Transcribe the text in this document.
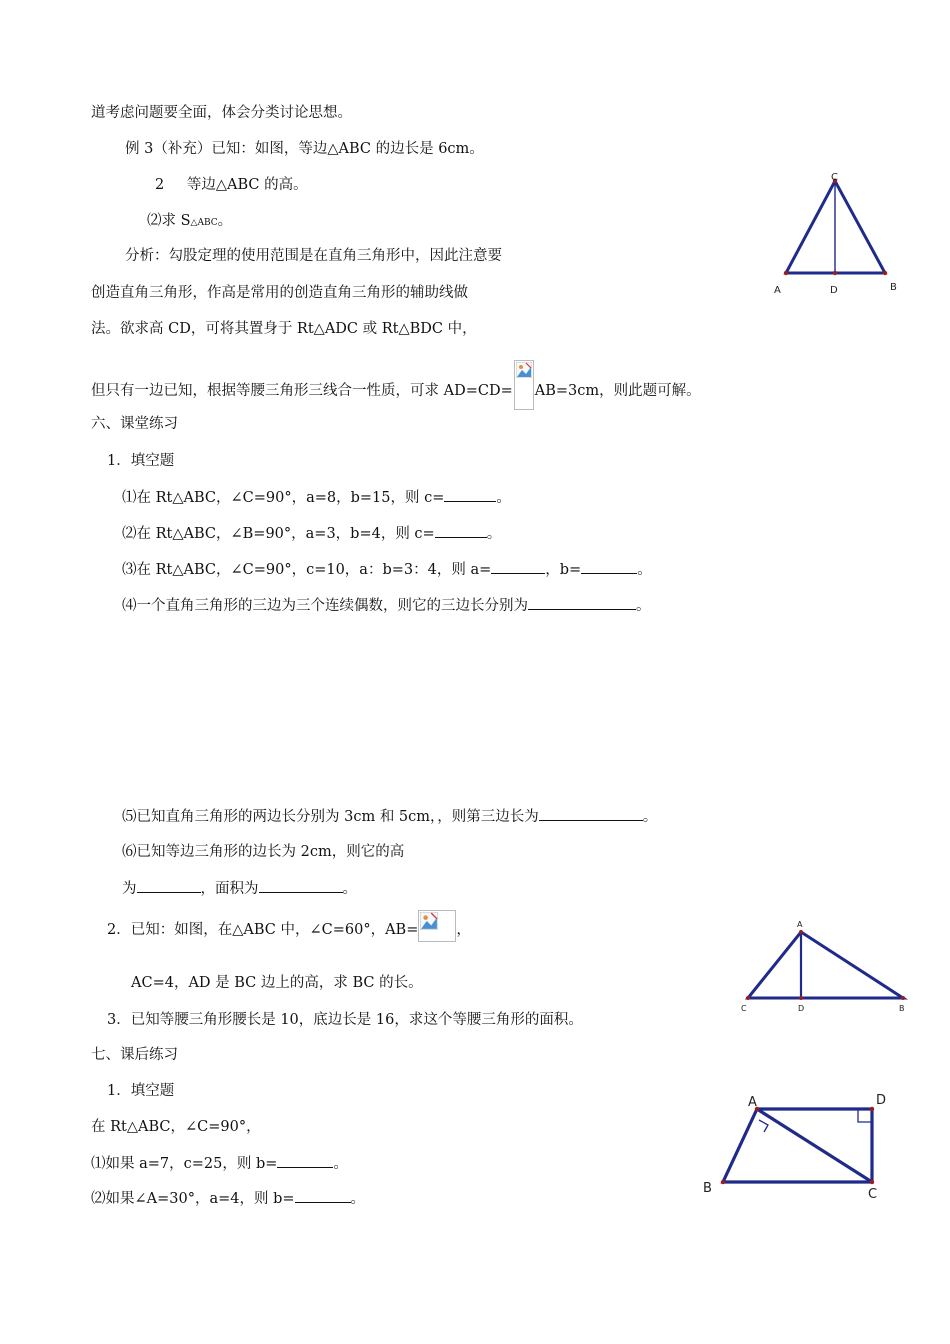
道考虑问题要全面，体会分类讨论思想。
例 3（补充）已知：如图，等边△ABC 的边长是 6cm。
2 等边△ABC 的高。
⑵求 S△ABC。
分析：勾股定理的使用范围是在直角三角形中，因此注意要
创造直角三角形，作高是常用的创造直角三角形的辅助线做
法。欲求高 CD，可将其置身于 Rt△ADC 或 Rt△BDC 中，
但只有一边已知，根据等腰三角形三线合一性质，可求 AD=CD= AB=3cm，则此题可解。
六、课堂练习
1．填空题
⑴在 Rt△ABC，∠C=90°，a=8，b=15，则 c=	。
⑵在 Rt△ABC，∠B=90°，a=3，b=4，则 c=	。
⑶在 Rt△ABC，∠C=90°，c=10，a：b=3：4，则 a=	，b=	。
⑷一个直角三角形的三边为三个连续偶数，则它的三边长分别为	。
⑸已知直角三角形的两边长分别为 3cm 和 5cm，，则第三边长为	。
⑹已知等边三角形的边长为 2cm，则它的高
为	，面积为	。
2．已知：如图，在△ABC 中，∠C=60°，AB=	，
AC=4，AD 是 BC 边上的高，求 BC 的长。
3．已知等腰三角形腰长是 10，底边长是 16，求这个等腰三角形的面积。
七、课后练习
1．填空题
在 Rt△ABC，∠C=90°，
⑴如果 a=7，c=25，则 b=	。
⑵如果∠A=30°，a=4，则 b=	。
C
A	D	B
A
C	D	B
A	D
B	C
